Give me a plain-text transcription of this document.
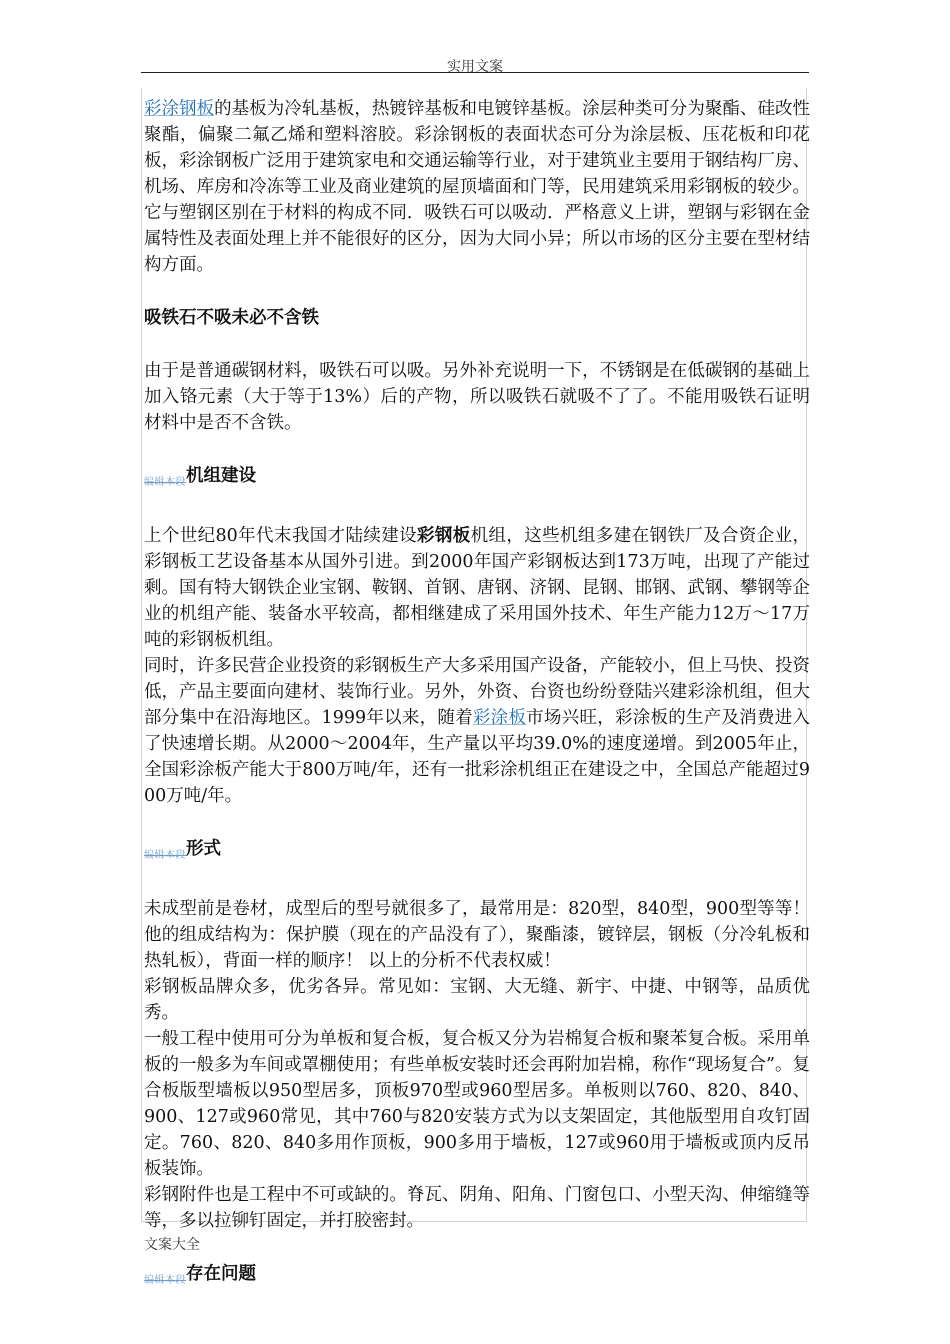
实用文案

彩涂钢板的基板为冷轧基板，热镀锌基板和电镀锌基板。涂层种类可分为聚酯、硅改性聚酯，偏聚二氟乙烯和塑料溶胶。彩涂钢板的表面状态可分为涂层板、压花板和印花板，彩涂钢板广泛用于建筑家电和交通运输等行业，对于建筑业主要用于钢结构厂房、机场、库房和冷冻等工业及商业建筑的屋顶墙面和门等，民用建筑采用彩钢板的较少。它与塑钢区别在于材料的构成不同．吸铁石可以吸动．严格意义上讲，塑钢与彩钢在金属特性及表面处理上并不能很好的区分，因为大同小异；所以市场的区分主要在型材结构方面。

吸铁石不吸未必不含铁

由于是普通碳钢材料，吸铁石可以吸。另外补充说明一下，不锈钢是在低碳钢的基础上加入铬元素（大于等于13%）后的产物，所以吸铁石就吸不了了。不能用吸铁石证明材料中是否不含铁。

$_{编辑本段}$机组建设

上个世纪80年代末我国才陆续建设彩钢板机组，这些机组多建在钢铁厂及合资企业，彩钢板工艺设备基本从国外引进。到2000年国产彩钢板达到173万吨，出现了产能过剩。国有特大钢铁企业宝钢、鞍钢、首钢、唐钢、济钢、昆钢、邯钢、武钢、攀钢等企业的机组产能、装备水平较高，都相继建成了采用国外技术、年生产能力12万～17万吨的彩钢板机组。

同时，许多民营企业投资的彩钢板生产大多采用国产设备，产能较小，但上马快、投资低，产品主要面向建材、装饰行业。另外，外资、台资也纷纷登陆兴建彩涂机组，但大部分集中在沿海地区。1999年以来，随着彩涂板市场兴旺，彩涂板的生产及消费进入了快速增长期。从2000～2004年，生产量以平均39.0%的速度递增。到2005年止，全国彩涂板产能大于800万吨/年，还有一批彩涂机组正在建设之中，全国总产能超过900万吨/年。

$_{编辑本段}$形式

未成型前是卷材，成型后的型号就很多了，最常用是：820型，840型，900型等等！他的组成结构为：保护膜（现在的产品没有了），聚酯漆，镀锌层，钢板（分冷轧板和热轧板），背面一样的顺序！ 以上的分析不代表权威！

彩钢板品牌众多，优劣各异。常见如：宝钢、大无缝、新宇、中捷、中钢等，品质优秀。

一般工程中使用可分为单板和复合板，复合板又分为岩棉复合板和聚苯复合板。采用单板的一般多为车间或罩棚使用；有些单板安装时还会再附加岩棉，称作“现场复合”。复合板版型墙板以950型居多，顶板970型或960型居多。单板则以760、820、840、900、127或960常见，其中760与820安装方式为以支架固定，其他版型用自攻钉固定。760、820、840多用作顶板，900多用于墙板，127或960用于墙板或顶内反吊板装饰。

彩钢附件也是工程中不可或缺的。脊瓦、阴角、阳角、门窗包口、小型天沟、伸缩缝等等，多以拉铆钉固定，并打胶密封。

$_{编辑本段}$存在问题

文案大全
